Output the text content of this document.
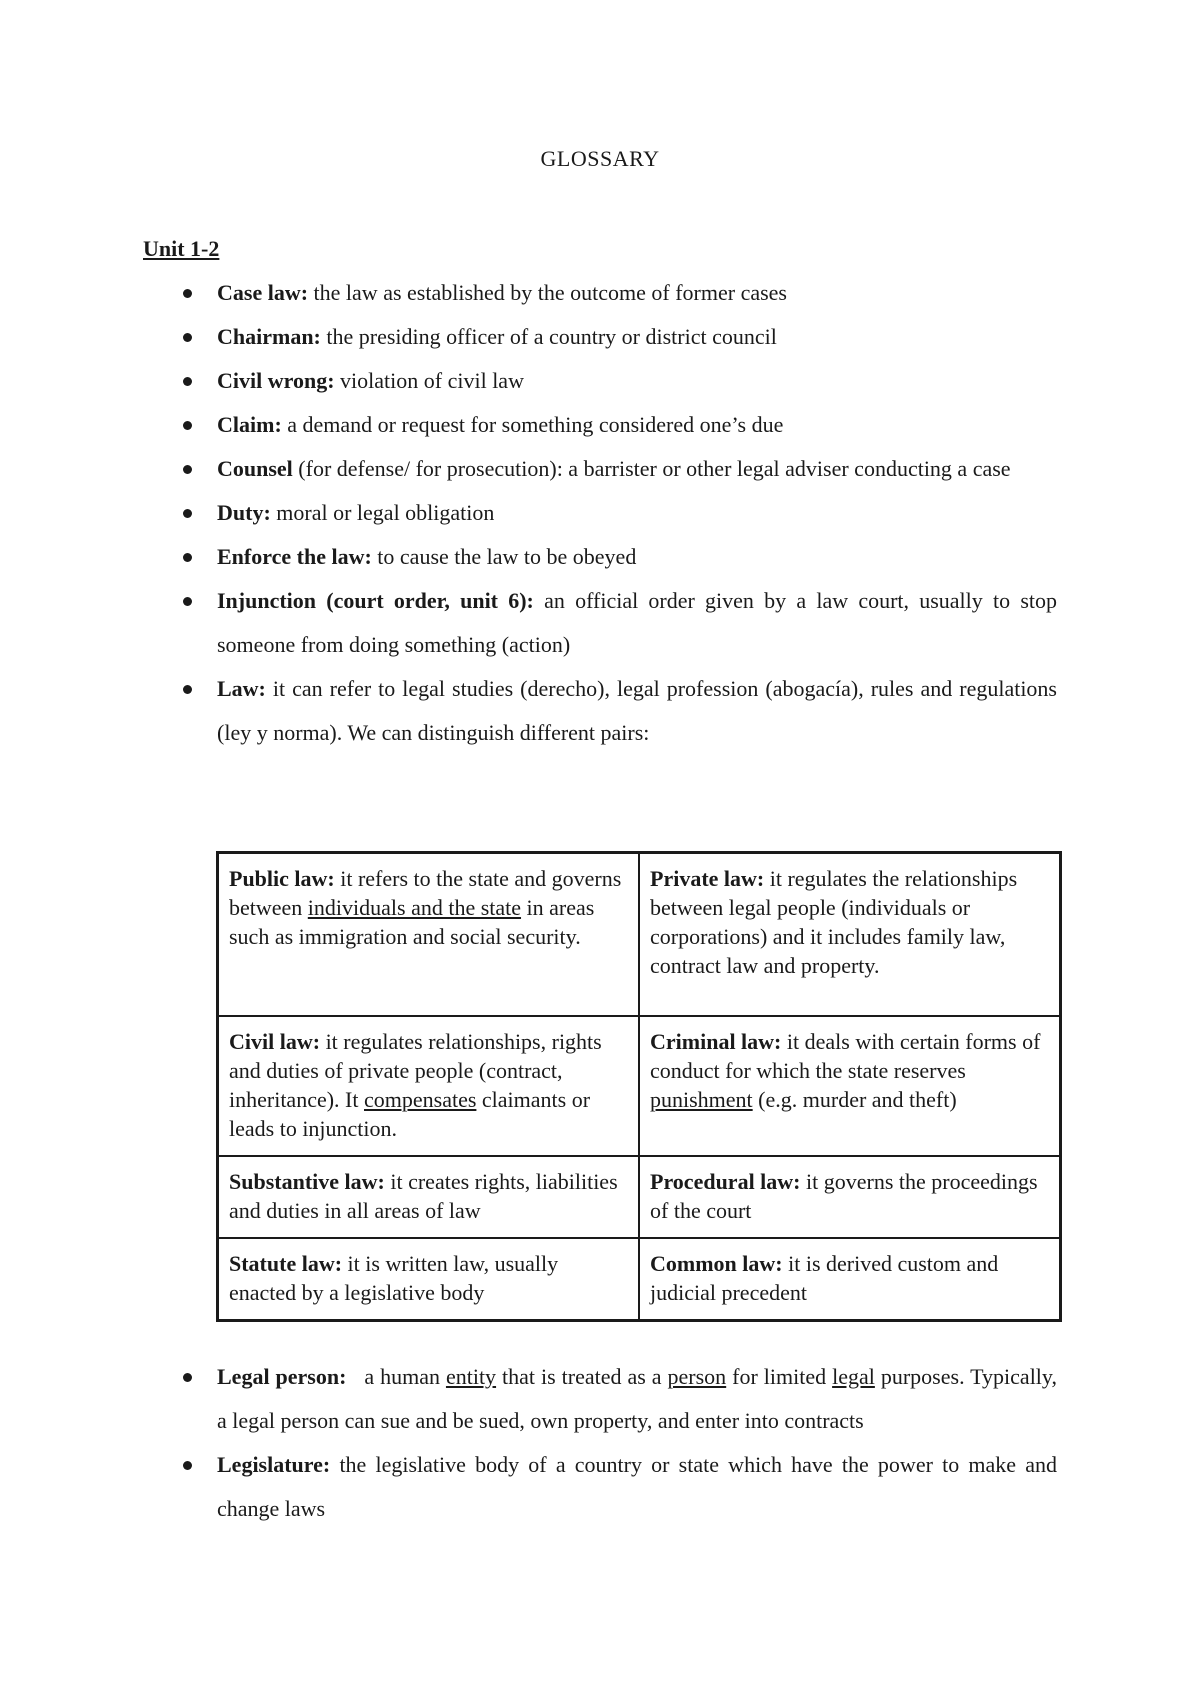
GLOSSARY
Unit 1-2
Case law: the law as established by the outcome of former cases
Chairman: the presiding officer of a country or district council
Civil wrong: violation of civil law
Claim: a demand or request for something considered one’s due
Counsel (for defense/ for prosecution): a barrister or other legal adviser conducting a case
Duty: moral or legal obligation
Enforce the law: to cause the law to be obeyed
Injunction (court order, unit 6): an official order given by a law court, usually to stop someone from doing something (action)
Law: it can refer to legal studies (derecho), legal profession (abogacía), rules and regulations (ley y norma). We can distinguish different pairs:
Public law: it refers to the state and governs between individuals and the state in areas such as immigration and social security.	Private law: it regulates the relationships between legal people (individuals or corporations) and it includes family law, contract law and property.
Civil law: it regulates relationships, rights and duties of private people (contract, inheritance). It compensates claimants or leads to injunction.	Criminal law: it deals with certain forms of conduct for which the state reserves punishment (e.g. murder and theft)
Substantive law: it creates rights, liabilities and duties in all areas of law	Procedural law: it governs the proceedings of the court
Statute law: it is written law, usually enacted by a legislative body	Common law: it is derived custom and judicial precedent
Legal person:   a human entity that is treated as a person for limited legal purposes. Typically, a legal person can sue and be sued, own property, and enter into contracts
Legislature: the legislative body of a country or state which have the power to make and change laws
